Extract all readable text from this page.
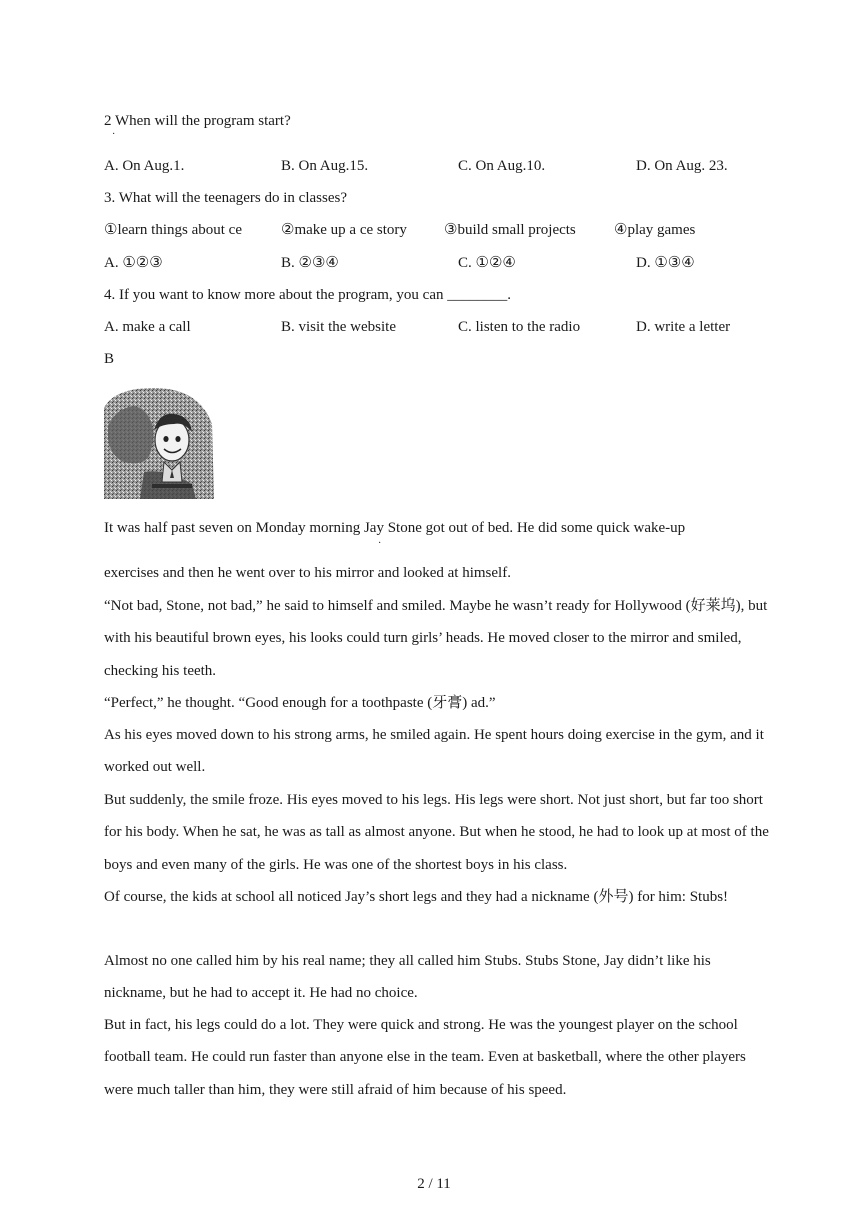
2 When will the program start?
·
A. On Aug.1.	B. On Aug.15.	C. On Aug.10.	D. On Aug. 23.
3. What will the teenagers do in classes?
①learn things about ce	②make up a ce story ③build small projects	④play games
A. ①②③	B. ②③④	C. ①②④	D. ①③④
4. If you want to know more about the program, you can ________.
A. make a call	B. visit the website	C. listen to the radio	D. write a letter
B
It was half past seven on Monday morning Jay Stone got out of bed. He did some quick wake-up
·
exercises and then he went over to his mirror and looked at himself.
“Not bad, Stone, not bad,” he said to himself and smiled. Maybe he wasn’t ready for Hollywood (好莱坞), but with his beautiful brown eyes, his looks could turn girls’ heads. He moved closer to the mirror and smiled, checking his teeth.
“Perfect,” he thought. “Good enough for a toothpaste (牙膏) ad.”
As his eyes moved down to his strong arms, he smiled again. He spent hours doing exercise in the gym, and it worked out well.
But suddenly, the smile froze. His eyes moved to his legs. His legs were short. Not just short, but far too short for his body. When he sat, he was as tall as almost anyone. But when he stood, he had to look up at most of the boys and even many of the girls. He was one of the shortest boys in his class.
Of course, the kids at school all noticed Jay’s short legs and they had a nickname (外号) for him: Stubs!
Almost no one called him by his real name; they all called him Stubs. Stubs Stone, Jay didn’t like his nickname, but he had to accept it. He had no choice.
But in fact, his legs could do a lot. They were quick and strong. He was the youngest player on the school football team. He could run faster than anyone else in the team. Even at basketball, where the other players were much taller than him, they were still afraid of him because of his speed.
2 / 11
